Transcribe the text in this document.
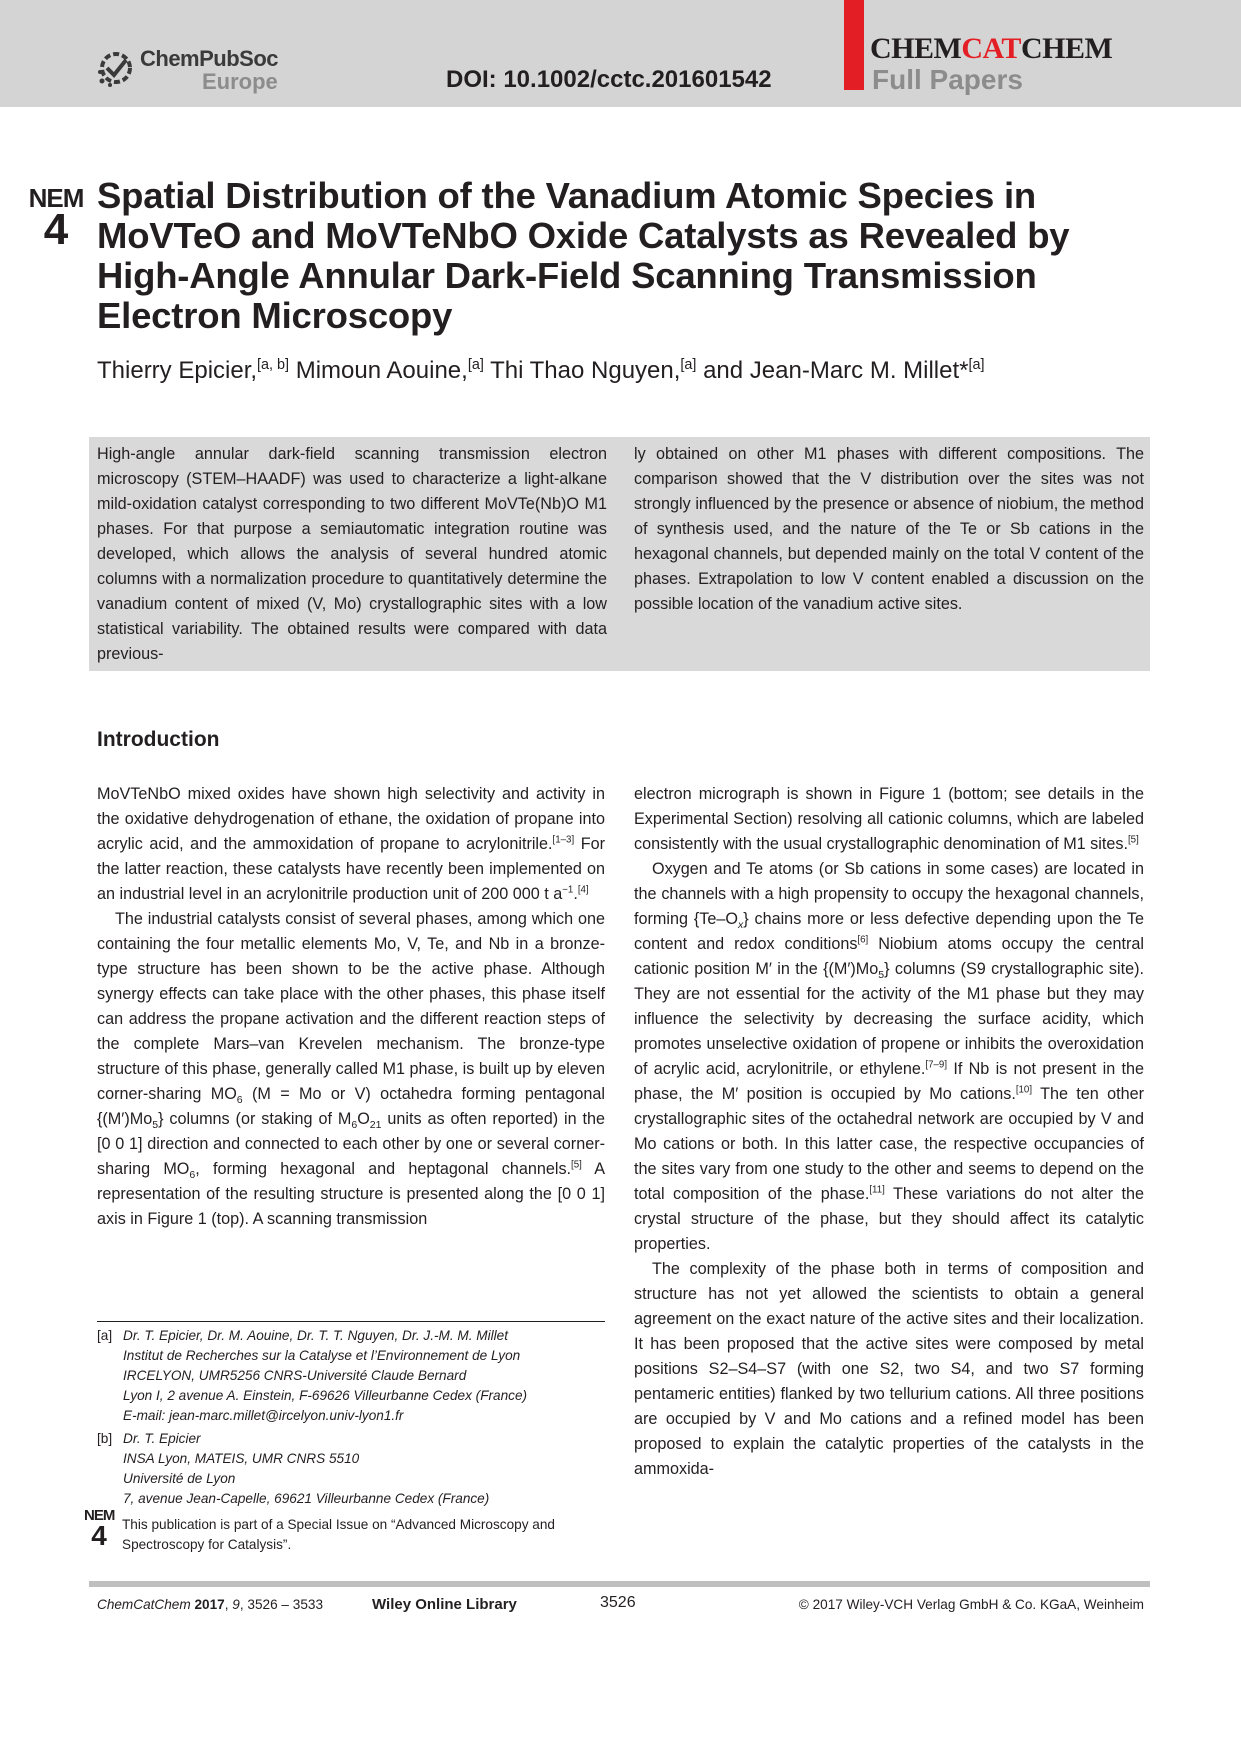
ChemPubSoc
Europe	DOI: 10.1002/cctc.201601542
CHEMCATCHEM
Full Papers
NEM
4
Spatial Distribution of the Vanadium Atomic Species in MoVTeO and MoVTeNbO Oxide Catalysts as Revealed by High-Angle Annular Dark-Field Scanning Transmission Electron Microscopy
Thierry Epicier,[a, b] Mimoun Aouine,[a] Thi Thao Nguyen,[a] and Jean-Marc M. Millet*[a]

High-angle annular dark-field scanning transmission electron microscopy (STEM–HAADF) was used to characterize a light-alkane mild-oxidation catalyst corresponding to two different MoVTe(Nb)O M1 phases. For that purpose a semiautomatic integration routine was developed, which allows the analysis of several hundred atomic columns with a normalization procedure to quantitatively determine the vanadium content of mixed (V, Mo) crystallographic sites with a low statistical variability. The obtained results were compared with data previous-

ly obtained on other M1 phases with different compositions. The comparison showed that the V distribution over the sites was not strongly influenced by the presence or absence of niobium, the method of synthesis used, and the nature of the Te or Sb cations in the hexagonal channels, but depended mainly on the total V content of the phases. Extrapolation to low V content enabled a discussion on the possible location of the vanadium active sites.

Introduction

MoVTeNbO mixed oxides have shown high selectivity and activity in the oxidative dehydrogenation of ethane, the oxidation of propane into acrylic acid, and the ammoxidation of propane to acrylonitrile.[1–3] For the latter reaction, these catalysts have recently been implemented on an industrial level in an acrylonitrile production unit of 200 000 t $a^{-1}.[4]$

The industrial catalysts consist of several phases, among which one containing the four metallic elements Mo, V, Te, and Nb in a bronze-type structure has been shown to be the active phase. Although synergy effects can take place with the other phases, this phase itself can address the propane activation and the different reaction steps of the complete Mars–van Krevelen mechanism. The bronze-type structure of this phase, generally called M1 phase, is built up by eleven corner-sharing $MO_6$ (M = Mo or V) octahedra forming pentagonal $\{(M')Mo_5\}$ columns (or staking of $M_6O_{21}$ units as often reported) in the [0 0 1] direction and connected to each other by one or several corner-sharing $MO_6$, forming hexagonal and heptagonal channels.[5] A representation of the resulting structure is presented along the [0 0 1] axis in Figure 1 (top). A scanning transmission

electron micrograph is shown in Figure 1 (bottom; see details in the Experimental Section) resolving all cationic columns, which are labeled consistently with the usual crystallographic denomination of M1 sites.[5]

Oxygen and Te atoms (or Sb cations in some cases) are located in the channels with a high propensity to occupy the hexagonal channels, forming $\{Te-O_x\}$ chains more or less defective depending upon the Te content and redox conditions[6] Niobium atoms occupy the central cationic position M′ in the $\{(M')Mo_5\}$ columns (S9 crystallographic site). They are not essential for the activity of the M1 phase but they may influence the selectivity by decreasing the surface acidity, which promotes unselective oxidation of propene or inhibits the overoxidation of acrylic acid, acrylonitrile, or ethylene.[7–9] If Nb is not present in the phase, the M′ position is occupied by Mo cations.[10] The ten other crystallographic sites of the octahedral network are occupied by V and Mo cations or both. In this latter case, the respective occupancies of the sites vary from one study to the other and seems to depend on the total composition of the phase.[11] These variations do not alter the crystal structure of the phase, but they should affect its catalytic properties.

The complexity of the phase both in terms of composition and structure has not yet allowed the scientists to obtain a general agreement on the exact nature of the active sites and their localization. It has been proposed that the active sites were composed by metal positions S2–S4–S7 (with one S2, two S4, and two S7 forming pentameric entities) flanked by two tellurium cations. All three positions are occupied by V and Mo cations and a refined model has been proposed to explain the catalytic properties of the catalysts in the ammoxida-

[a] Dr. T. Epicier, Dr. M. Aouine, Dr. T. T. Nguyen, Dr. J.-M. M. Millet
Institut de Recherches sur la Catalyse et l’Environnement de Lyon
IRCELYON, UMR5256 CNRS-Université Claude Bernard
Lyon I, 2 avenue A. Einstein, F-69626 Villeurbanne Cedex (France)
E-mail: jean-marc.millet@ircelyon.univ-lyon1.fr
[b] Dr. T. Epicier
INSA Lyon, MATEIS, UMR CNRS 5510
Université de Lyon
7, avenue Jean-Capelle, 69621 Villeurbanne Cedex (France)
NEM
4	This publication is part of a Special Issue on “Advanced Microscopy and Spectroscopy for Catalysis”.
ChemCatChem 2017, 9, 3526 – 3533	Wiley Online Library	3526	© 2017 Wiley-VCH Verlag GmbH & Co. KGaA, Weinheim
